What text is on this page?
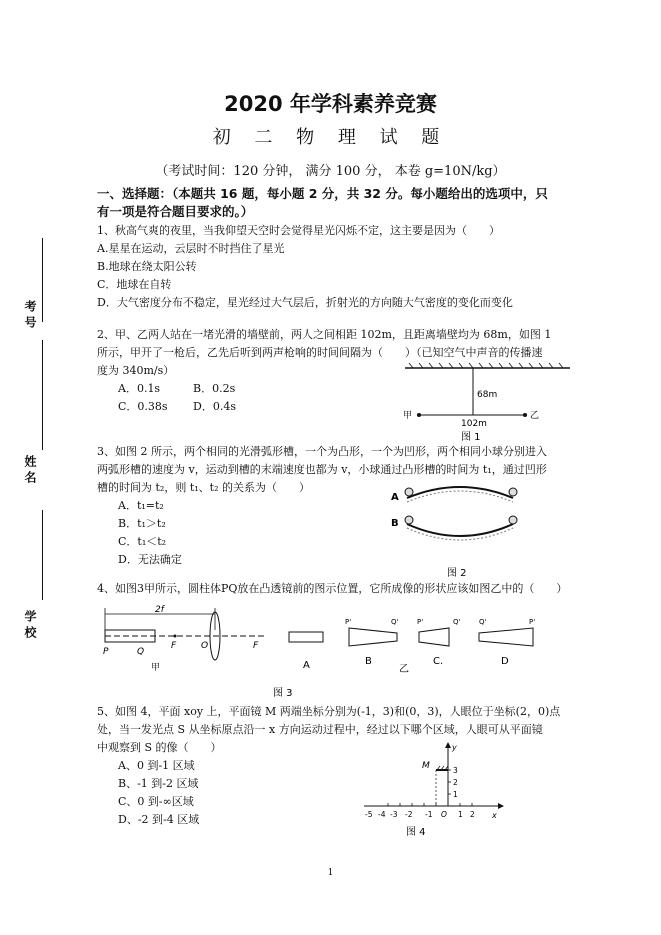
2020 年学科素养竞赛
初 二 物 理 试 题
（考试时间：120 分钟， 满分 100 分， 本卷 g=10N/kg）
考 号
姓 名
学 校
一、选择题：（本题共 16 题，每小题 2 分，共 32 分。每小题给出的选项中，只
有一项是符合题目要求的。）
1、秋高气爽的夜里，当我仰望天空时会觉得星光闪烁不定，这主要是因为（　　）
A.星星在运动，云层时不时挡住了星光
B.地球在绕太阳公转
C．地球在自转
D．大气密度分布不稳定，星光经过大气层后，折射光的方向随大气密度的变化而变化
2、甲、乙两人站在一堵光滑的墙壁前，两人之间相距 102m，且距离墙壁均为 68m，如图 1
所示，甲开了一枪后，乙先后听到两声枪响的时间间隔为（　　）（已知空气中声音的传播速
度为 340m/s）
A．0.1s	B．0.2s
C．0.38s D．0.4s
68m
甲	乙
102m
图 1
3、如图 2 所示，两个相同的光滑弧形槽，一个为凸形，一个为凹形，两个相同小球分别进入
两弧形槽的速度为 v，运动到槽的末端速度也都为 v，小球通过凸形槽的时间为 t₁，通过凹形
槽的时间为 t₂，则 t₁、t₂ 的关系为（　　）
A．t₁=t₂
B．t₁＞t₂
C．t₁＜t₂
D．无法确定
A
B
图 2
4、如图3甲所示，圆柱体PQ放在凸透镜前的图示位置，它所成像的形状应该如图乙中的（　　）
2f
P	Q
F	O	F
甲	A
P'	Q'
B
乙
P'	Q'
C.
Q'	P'
D
图 3
5、如图 4，平面 xoy 上，平面镜 M 两端坐标分别为(-1，3)和(0，3)，人眼位于坐标(2，0)点
处，当一发光点 S 从坐标原点沿一 x 方向运动过程中，经过以下哪个区域，人眼可从平面镜
中观察到 S 的像（　　）
A、0 到-1 区域
B、-1 到-2 区域
C、0 到-∞区域
D、-2 到-4 区域	x
y
-5 -4 -3 -2 -1 O 1 2
1
2
3
M
图 4
1
